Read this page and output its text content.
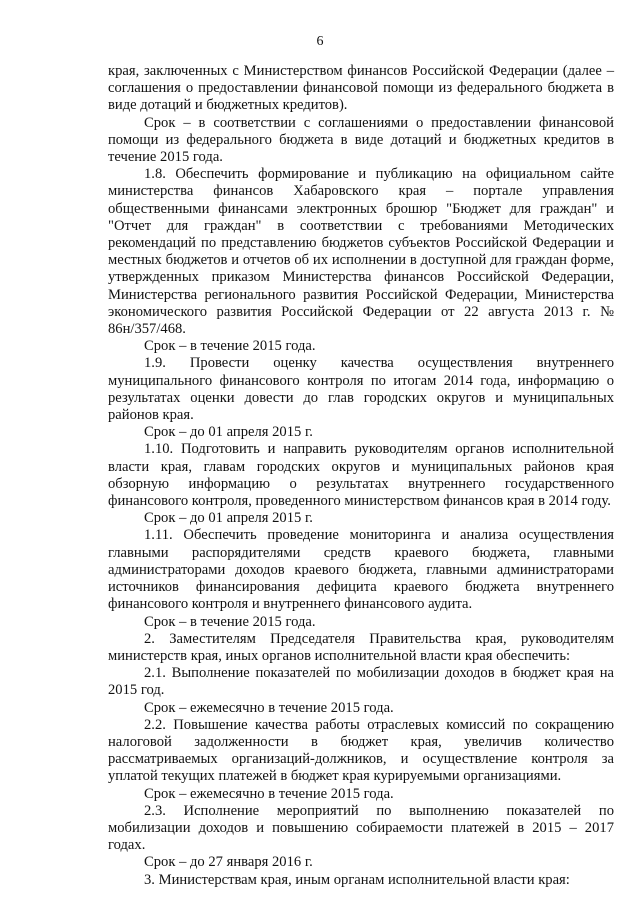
6

края, заключенных с Министерством финансов Российской Федерации (далее – соглашения о предоставлении финансовой помощи из федерального бюджета в виде дотаций и бюджетных кредитов).

Срок – в соответствии с соглашениями о предоставлении финансовой помощи из федерального бюджета в виде дотаций и бюджетных кредитов в течение 2015 года.

1.8. Обеспечить формирование и публикацию на официальном сайте министерства финансов Хабаровского края – портале управления общественными финансами электронных брошюр "Бюджет для граждан" и "Отчет для граждан" в соответствии с требованиями Методических рекомендаций по представлению бюджетов субъектов Российской Федерации и местных бюджетов и отчетов об их исполнении в доступной для граждан форме, утвержденных приказом Министерства финансов Российской Федерации, Министерства регионального развития Российской Федерации, Министерства экономического развития Российской Федерации от 22 августа 2013 г. № 86н/357/468.

Срок – в течение 2015 года.

1.9. Провести оценку качества осуществления внутреннего муниципального финансового контроля по итогам 2014 года, информацию о результатах оценки довести до глав городских округов и муниципальных районов края.

Срок – до 01 апреля 2015 г.

1.10. Подготовить и направить руководителям органов исполнительной власти края, главам городских округов и муниципальных районов края обзорную информацию о результатах внутреннего государственного финансового контроля, проведенного министерством финансов края в 2014 году.

Срок – до 01 апреля 2015 г.

1.11. Обеспечить проведение мониторинга и анализа осуществления главными распорядителями средств краевого бюджета, главными администраторами доходов краевого бюджета, главными администраторами источников финансирования дефицита краевого бюджета внутреннего финансового контроля и внутреннего финансового аудита.

Срок – в течение 2015 года.

2. Заместителям Председателя Правительства края, руководителям министерств края, иных органов исполнительной власти края обеспечить:

2.1. Выполнение показателей по мобилизации доходов в бюджет края на 2015 год.

Срок – ежемесячно в течение 2015 года.

2.2. Повышение качества работы отраслевых комиссий по сокращению налоговой задолженности в бюджет края, увеличив количество рассматриваемых организаций-должников, и осуществление контроля за уплатой текущих платежей в бюджет края курируемыми организациями.

Срок – ежемесячно в течение 2015 года.

2.3. Исполнение мероприятий по выполнению показателей по мобилизации доходов и повышению собираемости платежей в 2015 – 2017 годах.

Срок – до 27 января 2016 г.

3. Министерствам края, иным органам исполнительной власти края:
